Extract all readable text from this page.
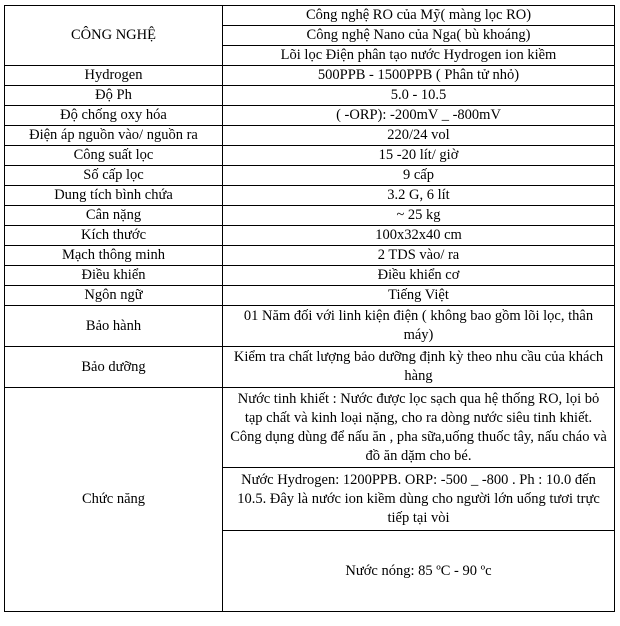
CÔNG NGHỆ	Công nghệ RO của Mỹ( màng lọc RO)
	Công nghệ Nano của Nga( bù khoáng)
	Lõi lọc Điện phân tạo nước Hydrogen ion kiềm
Hydrogen	500PPB - 1500PPB ( Phân tử nhỏ)
Độ Ph	5.0 - 10.5
Độ chống oxy hóa	( -ORP): -200mV _ -800mV
Điện áp nguồn vào/ nguồn ra	220/24 vol
Công suất lọc	15 -20 lít/ giờ
Số cấp lọc	9 cấp
Dung tích bình chứa	3.2 G, 6 lít
Cân nặng	~ 25 kg
Kích thước	100x32x40 cm
Mạch thông minh	2 TDS vào/ ra
Điều khiển	Điều khiển cơ
Ngôn ngữ	Tiếng Việt
Bảo hành	01 Năm đối với linh kiện điện ( không bao gồm lõi lọc, thân máy)
Bảo dưỡng	Kiểm tra chất lượng bảo dưỡng định kỳ theo nhu cầu của khách hàng
Chức năng	Nước tinh khiết : Nước được lọc sạch qua hệ thống RO, lọi bỏ tạp chất và kinh loại nặng, cho ra dòng nước siêu tinh khiết. Công dụng dùng để nấu ăn , pha sữa,uống thuốc tây, nấu cháo và đồ ăn dặm cho bé.
	Nước Hydrogen: 1200PPB. ORP: -500 _ -800 . Ph : 10.0 đến 10.5. Đây là nước ion kiềm dùng cho người lớn uống tươi trực tiếp tại vòi
	Nước nóng: 85 ºC - 90 ºc
